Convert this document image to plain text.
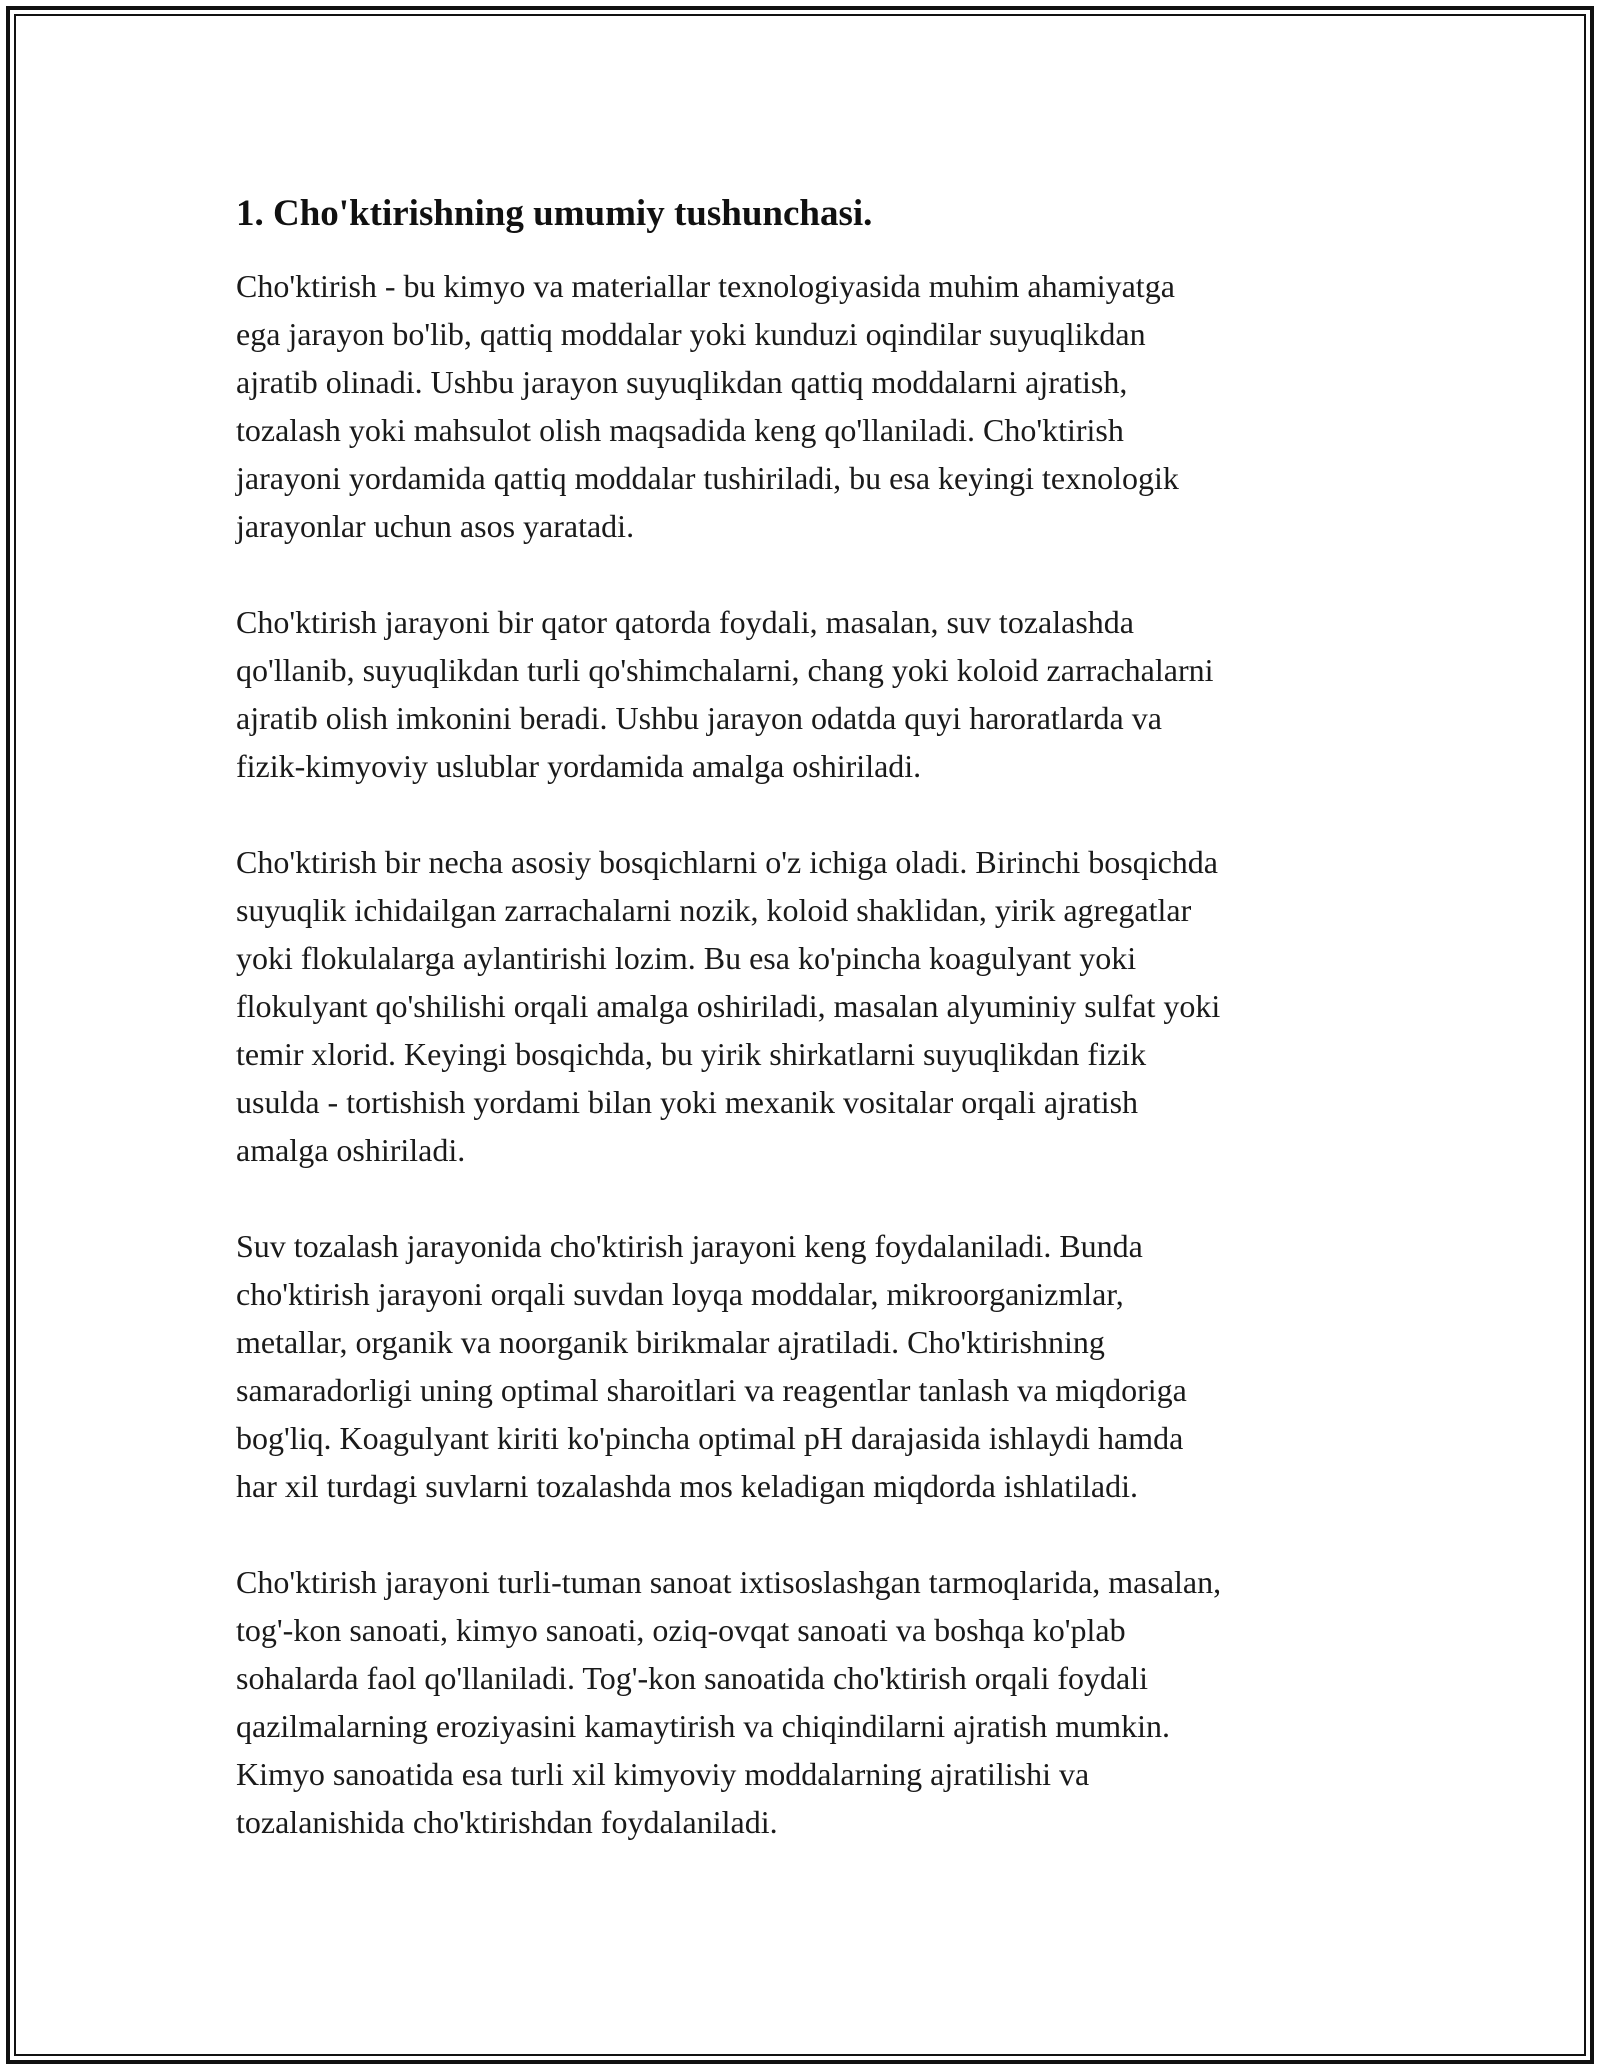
1. Cho'ktirishning umumiy tushunchasi.

Cho'ktirish - bu kimyo va materiallar texnologiyasida muhim ahamiyatga
ega jarayon bo'lib, qattiq moddalar yoki kunduzi oqindilar suyuqlikdan
ajratib olinadi. Ushbu jarayon suyuqlikdan qattiq moddalarni ajratish,
tozalash yoki mahsulot olish maqsadida keng qo'llaniladi. Cho'ktirish
jarayoni yordamida qattiq moddalar tushiriladi, bu esa keyingi texnologik
jarayonlar uchun asos yaratadi.

Cho'ktirish jarayoni bir qator qatorda foydali, masalan, suv tozalashda
qo'llanib, suyuqlikdan turli qo'shimchalarni, chang yoki koloid zarrachalarni
ajratib olish imkonini beradi. Ushbu jarayon odatda quyi haroratlarda va
fizik-kimyoviy uslublar yordamida amalga oshiriladi.

Cho'ktirish bir necha asosiy bosqichlarni o'z ichiga oladi. Birinchi bosqichda
suyuqlik ichidailgan zarrachalarni nozik, koloid shaklidan, yirik agregatlar
yoki flokulalarga aylantirishi lozim. Bu esa ko'pincha koagulyant yoki
flokulyant qo'shilishi orqali amalga oshiriladi, masalan alyuminiy sulfat yoki
temir xlorid. Keyingi bosqichda, bu yirik shirkatlarni suyuqlikdan fizik
usulda - tortishish yordami bilan yoki mexanik vositalar orqali ajratish
amalga oshiriladi.

Suv tozalash jarayonida cho'ktirish jarayoni keng foydalaniladi. Bunda
cho'ktirish jarayoni orqali suvdan loyqa moddalar, mikroorganizmlar,
metallar, organik va noorganik birikmalar ajratiladi. Cho'ktirishning
samaradorligi uning optimal sharoitlari va reagentlar tanlash va miqdoriga
bog'liq. Koagulyant kiriti ko'pincha optimal pH darajasida ishlaydi hamda
har xil turdagi suvlarni tozalashda mos keladigan miqdorda ishlatiladi.

Cho'ktirish jarayoni turli-tuman sanoat ixtisoslashgan tarmoqlarida, masalan,
tog'-kon sanoati, kimyo sanoati, oziq-ovqat sanoati va boshqa ko'plab
sohalarda faol qo'llaniladi. Tog'-kon sanoatida cho'ktirish orqali foydali
qazilmalarning eroziyasini kamaytirish va chiqindilarni ajratish mumkin.
Kimyo sanoatida esa turli xil kimyoviy moddalarning ajratilishi va
tozalanishida cho'ktirishdan foydalaniladi.
